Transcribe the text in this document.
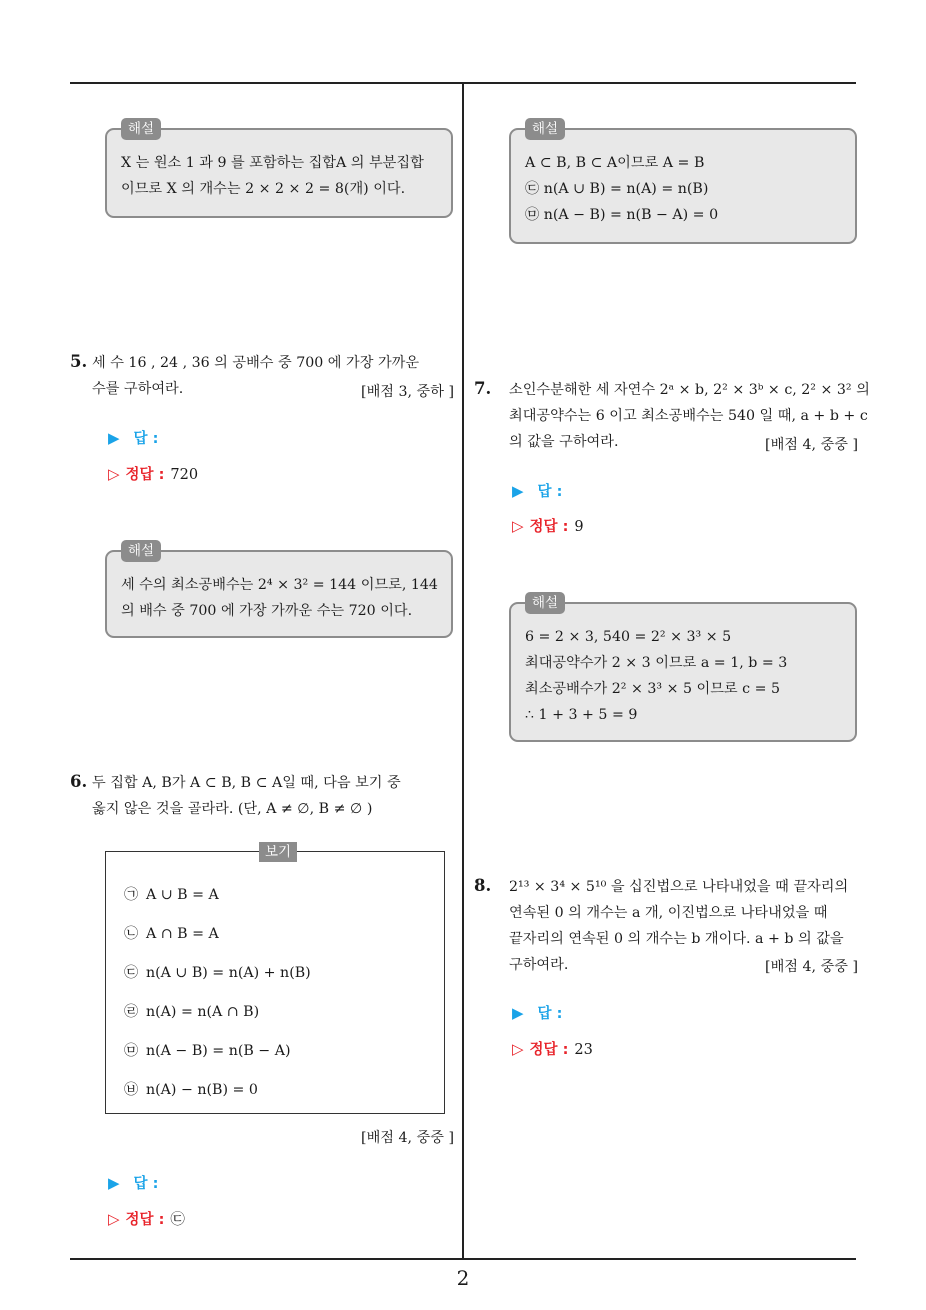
2
해설

X 는 원소 1 과 9 를 포함하는 집합A 의 부분집합

이므로 X 의 개수는 2 × 2 × 2 = 8(개) 이다.

5. 세 수 16 , 24 , 36 의 공배수 중 700 에 가장 가까운

수를 구하여라.	[배점 3, 중하 ]
▶ 답 :
▷ 정답 : 720
해설

세 수의 최소공배수는 2⁴ × 3² = 144 이므로, 144

의 배수 중 700 에 가장 가까운 수는 720 이다.

6. 두 집합 A, B가 A ⊂ B, B ⊂ A일 때, 다음 보기 중

옳지 않은 것을 골라라. (단, A ≠ ∅, B ≠ ∅ )

보기
㉠ A ∪ B = A
㉡ A ∩ B = A
㉢ n(A ∪ B) = n(A) + n(B)
㉣ n(A) = n(A ∩ B)
㉤ n(A − B) = n(B − A)
㉥ n(A) − n(B) = 0
[배점 4, 중중 ]
▶ 답 :
▷ 정답 : ㉢
해설

A ⊂ B, B ⊂ A이므로 A = B

㉢ n(A ∪ B) = n(A) = n(B)

㉤ n(A − B) = n(B − A) = 0

7. 소인수분해한 세 자연수 2ᵃ × b, 2² × 3ᵇ × c, 2² × 3² 의

최대공약수는 6 이고 최소공배수는 540 일 때, a + b + c

의 값을 구하여라.	[배점 4, 중중 ]
▶ 답 :
▷ 정답 : 9
해설

6 = 2 × 3, 540 = 2² × 3³ × 5

최대공약수가 2 × 3 이므로 a = 1, b = 3

최소공배수가 2² × 3³ × 5 이므로 c = 5

∴ 1 + 3 + 5 = 9

8. 2¹³ × 3⁴ × 5¹⁰ 을 십진법으로 나타내었을 때 끝자리의

연속된 0 의 개수는 a 개, 이진법으로 나타내었을 때

끝자리의 연속된 0 의 개수는 b 개이다. a + b 의 값을

구하여라.	[배점 4, 중중 ]
▶ 답 :
▷ 정답 : 23
